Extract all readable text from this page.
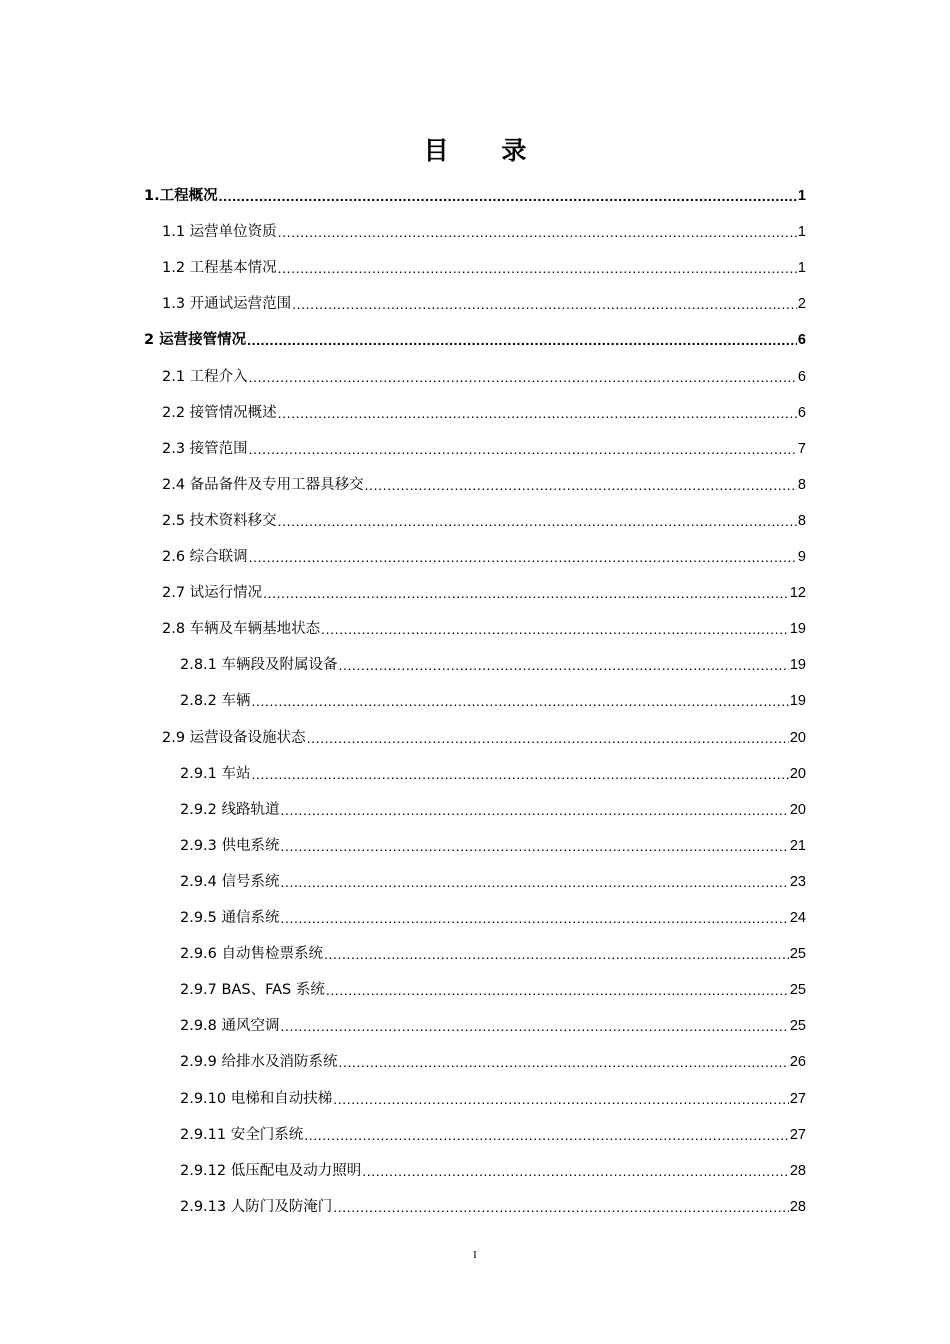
目 录
1.工程概况 .....	1
1.1 运营单位资质 .....	1
1.2 工程基本情况 .....	1
1.3 开通试运营范围 .....	2
2 运营接管情况 .....	6
2.1 工程介入 .....	6
2.2 接管情况概述 .....	6
2.3 接管范围 .....	7
2.4 备品备件及专用工器具移交 .....	8
2.5 技术资料移交 .....	8
2.6 综合联调 .....	9
2.7 试运行情况 .....	12
2.8 车辆及车辆基地状态 .....	19
2.8.1 车辆段及附属设备 .....	19
2.8.2 车辆 .....	19
2.9 运营设备设施状态 .....	20
2.9.1 车站 .....	20
2.9.2 线路轨道 .....	20
2.9.3 供电系统 .....	21
2.9.4 信号系统 .....	23
2.9.5 通信系统 .....	24
2.9.6 自动售检票系统 .....	25
2.9.7 BAS、FAS 系统 .....	25
2.9.8 通风空调 .....	25
2.9.9 给排水及消防系统 .....	26
2.9.10 电梯和自动扶梯 .....	27
2.9.11 安全门系统 .....	27
2.9.12 低压配电及动力照明 .....	28
2.9.13 人防门及防淹门 .....	28
I
